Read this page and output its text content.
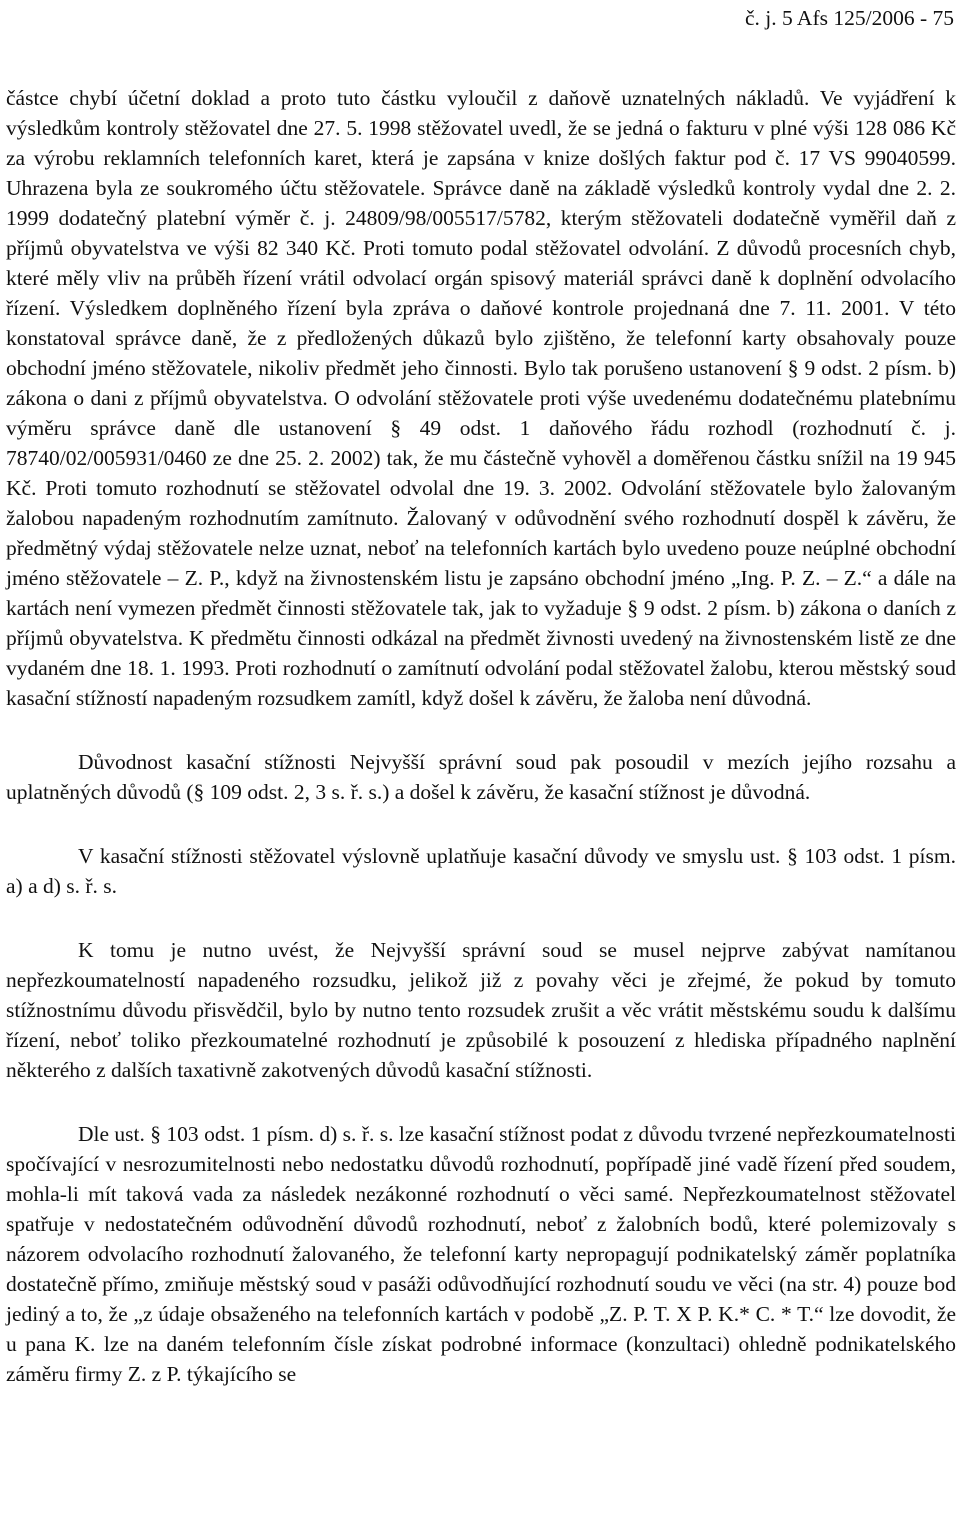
č. j. 5 Afs 125/2006 - 75

částce chybí účetní doklad a proto tuto částku vyloučil z daňově uznatelných nákladů. Ve vyjádření k výsledkům kontroly stěžovatel dne 27. 5. 1998 stěžovatel uvedl, že se jedná o fakturu v plné výši 128 086 Kč za výrobu reklamních telefonních karet, která je zapsána v knize došlých faktur pod č. 17 VS 99040599. Uhrazena byla ze soukromého účtu stěžovatele. Správce daně na základě výsledků kontroly vydal dne 2. 2. 1999 dodatečný platební výměr č. j. 24809/98/005517/5782, kterým stěžovateli dodatečně vyměřil daň z příjmů obyvatelstva ve výši 82 340 Kč. Proti tomuto podal stěžovatel odvolání. Z důvodů procesních chyb, které měly vliv na průběh řízení vrátil odvolací orgán spisový materiál správci daně k doplnění odvolacího řízení. Výsledkem doplněného řízení byla zpráva o daňové kontrole projednaná dne 7. 11. 2001. V této konstatoval správce daně, že z předložených důkazů bylo zjištěno, že telefonní karty obsahovaly pouze obchodní jméno stěžovatele, nikoliv předmět jeho činnosti. Bylo tak porušeno ustanovení § 9 odst. 2 písm. b) zákona o dani z příjmů obyvatelstva. O odvolání stěžovatele proti výše uvedenému dodatečnému platebnímu výměru správce daně dle ustanovení § 49 odst. 1 daňového řádu rozhodl (rozhodnutí č. j. 78740/02/005931/0460 ze dne 25. 2. 2002) tak, že mu částečně vyhověl a doměřenou částku snížil na 19 945 Kč. Proti tomuto rozhodnutí se stěžovatel odvolal dne 19. 3. 2002. Odvolání stěžovatele bylo žalovaným žalobou napadeným rozhodnutím zamítnuto. Žalovaný v odůvodnění svého rozhodnutí dospěl k závěru, že předmětný výdaj stěžovatele nelze uznat, neboť na telefonních kartách bylo uvedeno pouze neúplné obchodní jméno stěžovatele – Z. P., když na živnostenském listu je zapsáno obchodní jméno „Ing. P. Z. – Z.“ a dále na kartách není vymezen předmět činnosti stěžovatele tak, jak to vyžaduje § 9 odst. 2 písm. b) zákona o daních z příjmů obyvatelstva. K předmětu činnosti odkázal na předmět živnosti uvedený na živnostenském listě ze dne vydaném dne 18. 1. 1993. Proti rozhodnutí o zamítnutí odvolání podal stěžovatel žalobu, kterou městský soud kasační stížností napadeným rozsudkem zamítl, když došel k závěru, že žaloba není důvodná.

Důvodnost kasační stížnosti Nejvyšší správní soud pak posoudil v mezích jejího rozsahu a uplatněných důvodů (§ 109 odst. 2, 3 s. ř. s.) a došel k závěru, že kasační stížnost je důvodná.

V kasační stížnosti stěžovatel výslovně uplatňuje kasační důvody ve smyslu ust. § 103 odst. 1 písm. a) a d) s. ř. s.

K tomu je nutno uvést, že Nejvyšší správní soud se musel nejprve zabývat namítanou nepřezkoumatelností napadeného rozsudku, jelikož již z povahy věci je zřejmé, že pokud by tomuto stížnostnímu důvodu přisvědčil, bylo by nutno tento rozsudek zrušit a věc vrátit městskému soudu k dalšímu řízení, neboť toliko přezkoumatelné rozhodnutí je způsobilé k posouzení z hlediska případného naplnění některého z dalších taxativně zakotvených důvodů kasační stížnosti.

Dle ust. § 103 odst. 1 písm. d) s. ř. s. lze kasační stížnost podat z důvodu tvrzené nepřezkoumatelnosti spočívající v nesrozumitelnosti nebo nedostatku důvodů rozhodnutí, popřípadě jiné vadě řízení před soudem, mohla-li mít taková vada za následek nezákonné rozhodnutí o věci samé. Nepřezkoumatelnost stěžovatel spatřuje v nedostatečném odůvodnění důvodů rozhodnutí, neboť z žalobních bodů, které polemizovaly s názorem odvolacího rozhodnutí žalovaného, že telefonní karty nepropagují podnikatelský záměr poplatníka dostatečně přímo, zmiňuje městský soud v pasáži odůvodňující rozhodnutí soudu ve věci (na str. 4) pouze bod jediný a to, že „z údaje obsaženého na telefonních kartách v podobě „Z. P. T. X P. K.* C. * T.“ lze dovodit, že u pana K. lze na daném telefonním čísle získat podrobné informace (konzultaci) ohledně podnikatelského záměru firmy Z. z P. týkajícího se
